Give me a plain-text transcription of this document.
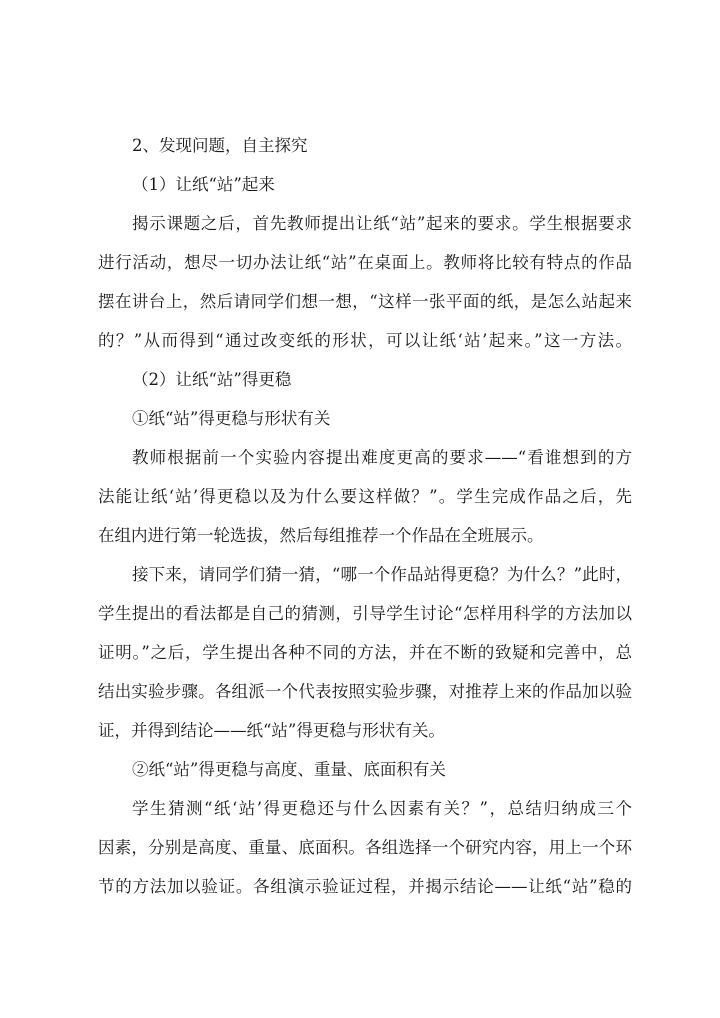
2、发现问题，自主探究
（1）让纸“站”起来
揭示课题之后，首先教师提出让纸“站”起来的要求。学生根据要求
进行活动，想尽一切办法让纸“站”在桌面上。教师将比较有特点的作品
摆在讲台上，然后请同学们想一想，“这样一张平面的纸，是怎么站起来
的？”从而得到“通过改变纸的形状，可以让纸‘站’起来。”这一方法。
（2）让纸“站”得更稳
①纸“站”得更稳与形状有关
教师根据前一个实验内容提出难度更高的要求——“看谁想到的方
法能让纸‘站’得更稳以及为什么要这样做？”。学生完成作品之后，先
在组内进行第一轮选拔，然后每组推荐一个作品在全班展示。
接下来，请同学们猜一猜，“哪一个作品站得更稳？为什么？”此时，
学生提出的看法都是自己的猜测，引导学生讨论“怎样用科学的方法加以
证明。”之后，学生提出各种不同的方法，并在不断的致疑和完善中，总
结出实验步骤。各组派一个代表按照实验步骤，对推荐上来的作品加以验
证，并得到结论——纸“站”得更稳与形状有关。
②纸“站”得更稳与高度、重量、底面积有关
学生猜测“纸‘站’得更稳还与什么因素有关？”，总结归纳成三个
因素，分别是高度、重量、底面积。各组选择一个研究内容，用上一个环
节的方法加以验证。各组演示验证过程，并揭示结论——让纸“站”稳的
